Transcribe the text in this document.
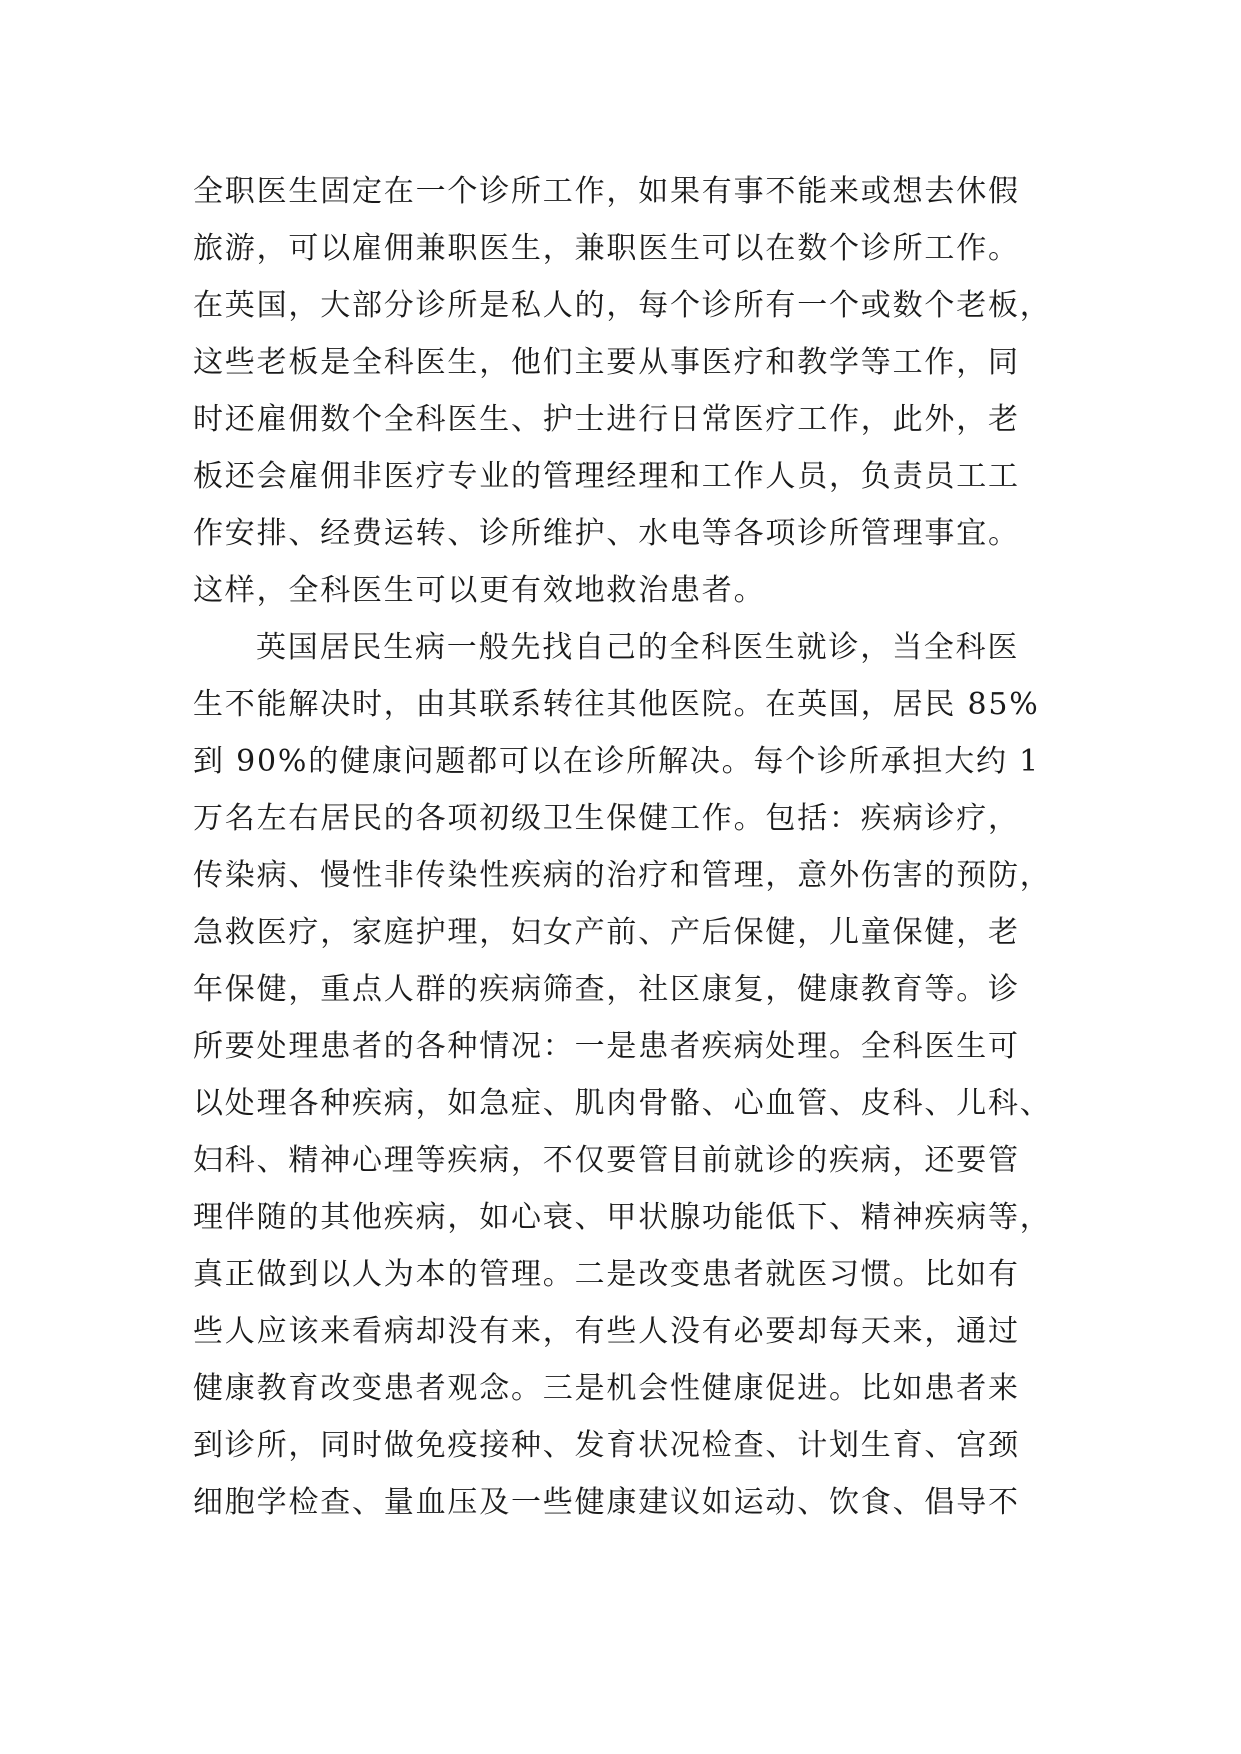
全职医生固定在一个诊所工作，如果有事不能来或想去休假
旅游，可以雇佣兼职医生，兼职医生可以在数个诊所工作。
在英国，大部分诊所是私人的，每个诊所有一个或数个老板，
这些老板是全科医生，他们主要从事医疗和教学等工作，同
时还雇佣数个全科医生、护士进行日常医疗工作，此外，老
板还会雇佣非医疗专业的管理经理和工作人员，负责员工工
作安排、经费运转、诊所维护、水电等各项诊所管理事宜。
这样，全科医生可以更有效地救治患者。
英国居民生病一般先找自己的全科医生就诊，当全科医
生不能解决时，由其联系转往其他医院。在英国，居民 85%
到 90%的健康问题都可以在诊所解决。每个诊所承担大约 1
万名左右居民的各项初级卫生保健工作。包括：疾病诊疗，
传染病、慢性非传染性疾病的治疗和管理，意外伤害的预防，
急救医疗，家庭护理，妇女产前、产后保健，儿童保健，老
年保健，重点人群的疾病筛查，社区康复，健康教育等。诊
所要处理患者的各种情况：一是患者疾病处理。全科医生可
以处理各种疾病，如急症、肌肉骨骼、心血管、皮科、儿科、
妇科、精神心理等疾病，不仅要管目前就诊的疾病，还要管
理伴随的其他疾病，如心衰、甲状腺功能低下、精神疾病等，
真正做到以人为本的管理。二是改变患者就医习惯。比如有
些人应该来看病却没有来，有些人没有必要却每天来，通过
健康教育改变患者观念。三是机会性健康促进。比如患者来
到诊所，同时做免疫接种、发育状况检查、计划生育、宫颈
细胞学检查、量血压及一些健康建议如运动、饮食、倡导不
